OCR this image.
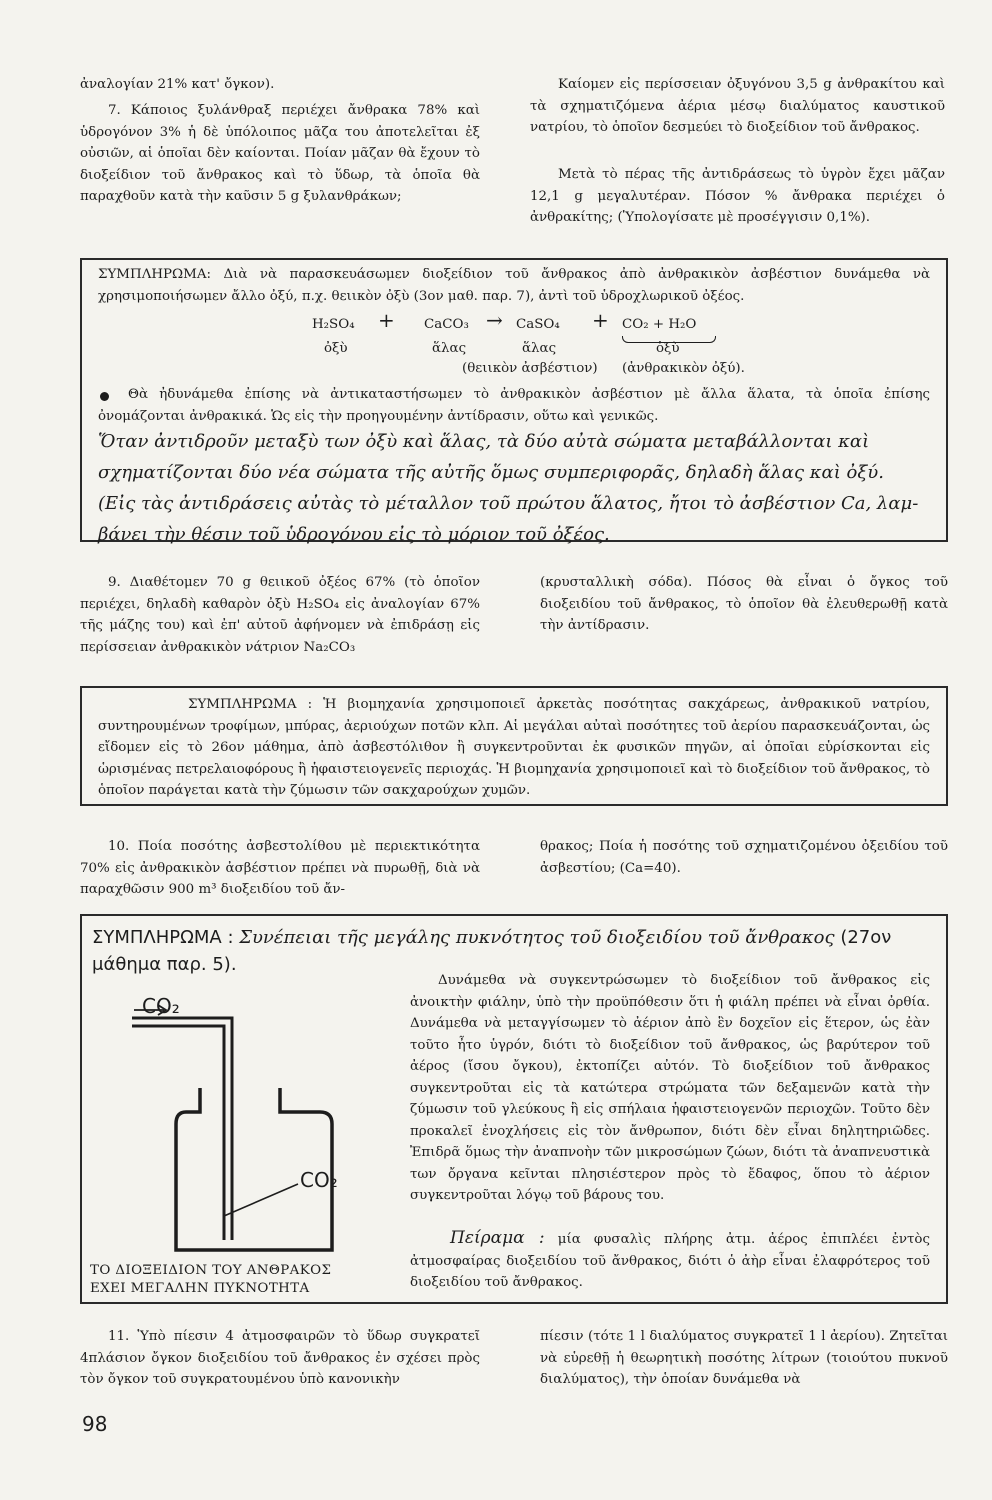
ἀναλογίαν 21% κατ' ὄγκον).

7. Κάποιος ξυλάνθραξ περιέχει ἄνθρακα 78% καὶ ὑδρογόνον 3% ἡ δὲ ὑπόλοιπος μᾶζα του ἀποτελεῖται ἐξ οὐσιῶν, αἱ ὁποῖαι δὲν καίονται. Ποίαν μᾶζαν θὰ ἔχουν τὸ διοξείδιον τοῦ ἄνθρακος καὶ τὸ ὕδωρ, τὰ ὁποῖα θὰ παραχθοῦν κατὰ τὴν καῦσιν 5 g ξυλανθράκων;

Καίομεν εἰς περίσσειαν ὀξυγόνου 3,5 g ἀνθρακίτου καὶ τὰ σχηματιζόμενα ἀέρια μέσῳ διαλύματος καυστικοῦ νατρίου, τὸ ὁποῖον δεσμεύει τὸ διοξείδιον τοῦ ἄνθρακος.

Μετὰ τὸ πέρας τῆς ἀντιδράσεως τὸ ὑγρὸν ἔχει μᾶζαν 12,1 g μεγαλυτέραν. Πόσον % ἄνθρακα περιέχει ὁ ἀνθρακίτης; (Ὑπολογίσατε μὲ προσέγγισιν 0,1%).

ΣΥΜΠΛΗΡΩΜΑ: Διὰ νὰ παρασκευάσωμεν διοξείδιον τοῦ ἄνθρακος ἀπὸ ἀνθρακικὸν ἀσβέστιον δυνάμεθα νὰ χρησιμοποιήσωμεν ἄλλο ὀξύ, π.χ. θειικὸν ὀξὺ (3ον μαθ. παρ. 7), ἀντὶ τοῦ ὑδροχλωρικοῦ ὀξέος.

H₂SO₄ + CaCO₃ → CaSO₄ + CO₂ + H₂O
ὀξὺ	ἅλας	ἅλας	ὀξὺ
(θειικὸν ἀσβέστιον) (ἀνθρακικὸν ὀξύ).

Θὰ ἠδυνάμεθα ἐπίσης νὰ ἀντικαταστήσωμεν τὸ ἀνθρακικὸν ἀσβέστιον μὲ ἄλλα ἅλατα, τὰ ὁποῖα ἐπίσης ὀνομάζονται ἀνθρακικά. Ὡς εἰς τὴν προηγουμένην ἀντίδρασιν, οὕτω καὶ γενικῶς.

Ὅταν ἀντιδροῦν μεταξὺ των ὀξὺ καὶ ἅλας, τὰ δύο αὐτὰ σώματα μεταβάλλονται καὶ
σχηματίζονται δύο νέα σώματα τῆς αὐτῆς ὅμως συμπεριφορᾶς, δηλαδὴ ἅλας καὶ ὀξύ.
(Εἰς τὰς ἀντιδράσεις αὐτὰς τὸ μέταλλον τοῦ πρώτου ἅλατος, ἤτοι τὸ ἀσβέστιον Ca, λαμ-
βάνει τὴν θέσιν τοῦ ὑδρογόνου εἰς τὸ μόριον τοῦ ὀξέος.

9. Διαθέτομεν 70 g θειικοῦ ὀξέος 67% (τὸ ὁποῖον περιέχει, δηλαδὴ καθαρὸν ὀξὺ H₂SO₄ εἰς ἀναλογίαν 67% τῆς μάζης του) καὶ ἐπ' αὐτοῦ ἀφήνομεν νὰ ἐπιδράσῃ εἰς περίσσειαν ἀνθρακικὸν νάτριον Na₂CO₃

(κρυσταλλικὴ σόδα). Πόσος θὰ εἶναι ὁ ὄγκος τοῦ διοξειδίου τοῦ ἄνθρακος, τὸ ὁποῖον θὰ ἐλευθερωθῇ κατὰ τὴν ἀντίδρασιν.

ΣΥΜΠΛΗΡΩΜΑ : Ἡ βιομηχανία χρησιμοποιεῖ ἀρκετὰς ποσότητας σακχάρεως, ἀνθρακικοῦ νατρίου, συντηρουμένων τροφίμων, μπύρας, ἀεριούχων ποτῶν κλπ. Αἱ μεγάλαι αὐταὶ ποσότητες τοῦ ἀερίου παρασκευάζονται, ὡς εἴδομεν εἰς τὸ 26ον μάθημα, ἀπὸ ἀσβεστόλιθον ἢ συγκεντροῦνται ἐκ φυσικῶν πηγῶν, αἱ ὁποῖαι εὑρίσκονται εἰς ὡρισμένας πετρελαιοφόρους ἢ ἡφαιστειογενεῖς περιοχάς. Ἡ βιομηχανία χρησιμοποιεῖ καὶ τὸ διοξείδιον τοῦ ἄνθρακος, τὸ ὁποῖον παράγεται κατὰ τὴν ζύμωσιν τῶν σακχαρούχων χυμῶν.

10. Ποία ποσότης ἀσβεστολίθου μὲ περιεκτικότητα 70% εἰς ἀνθρακικὸν ἀσβέστιον πρέπει νὰ πυρωθῇ, διὰ νὰ παραχθῶσιν 900 m³ διοξειδίου τοῦ ἄν-

θρακος; Ποία ἡ ποσότης τοῦ σχηματιζομένου ὀξειδίου τοῦ ἀσβεστίου; (Ca=40).

ΣΥΜΠΛΗΡΩΜΑ : Συνέπειαι τῆς μεγάλης πυκνότητος τοῦ διοξειδίου τοῦ ἄνθρακος (27ον
μάθημα παρ. 5).
CO₂
CO₂
ΤΟ ΔΙΟΞΕΙΔΙΟΝ ΤΟΥ ΑΝΘΡΑΚΟΣ
ΕΧΕΙ ΜΕΓΑΛΗΝ ΠΥΚΝΟΤΗΤΑ

Δυνάμεθα νὰ συγκεντρώσωμεν τὸ διοξείδιον τοῦ ἄνθρακος εἰς ἀνοικτὴν φιάλην, ὑπὸ τὴν προϋπόθεσιν ὅτι ἡ φιάλη πρέπει νὰ εἶναι ὀρθία. Δυνάμεθα νὰ μεταγγίσωμεν τὸ ἀέριον ἀπὸ ἓν δοχεῖον εἰς ἕτερον, ὡς ἐὰν τοῦτο ἦτο ὑγρόν, διότι τὸ διοξείδιον τοῦ ἄνθρακος, ὡς βαρύτερον τοῦ ἀέρος (ἴσου ὄγκου), ἐκτοπίζει αὐτόν. Τὸ διοξείδιον τοῦ ἄνθρακος συγκεντροῦται εἰς τὰ κατώτερα στρώματα τῶν δεξαμενῶν κατὰ τὴν ζύμωσιν τοῦ γλεύκους ἢ εἰς σπήλαια ἡφαιστειογενῶν περιοχῶν. Τοῦτο δὲν προκαλεῖ ἐνοχλήσεις εἰς τὸν ἄνθρωπον, διότι δὲν εἶναι δηλητηριῶδες. Ἐπιδρᾶ ὅμως τὴν ἀναπνοὴν τῶν μικροσώμων ζώων, διότι τὰ ἀναπνευστικὰ των ὄργανα κεῖνται πλησιέστερον πρὸς τὸ ἔδαφος, ὅπου τὸ ἀέριον συγκεντροῦται λόγῳ τοῦ βάρους του.

Πείραμα : μία φυσαλὶς πλήρης ἀτμ. ἀέρος ἐπιπλέει ἐντὸς ἀτμοσφαίρας διοξειδίου τοῦ ἄνθρακος, διότι ὁ ἀὴρ εἶναι ἐλαφρότερος τοῦ διοξειδίου τοῦ ἄνθρακος.

11. Ὑπὸ πίεσιν 4 ἀτμοσφαιρῶν τὸ ὕδωρ συγκρατεῖ 4πλάσιον ὄγκον διοξειδίου τοῦ ἄνθρακος ἐν σχέσει πρὸς τὸν ὄγκον τοῦ συγκρατουμένου ὑπὸ κανονικὴν

πίεσιν (τότε 1 l διαλύματος συγκρατεῖ 1 l ἀερίου). Ζητεῖται νὰ εὑρεθῇ ἡ θεωρητικὴ ποσότης λίτρων (τοιούτου πυκνοῦ διαλύματος), τὴν ὁποίαν δυνάμεθα νὰ

98
